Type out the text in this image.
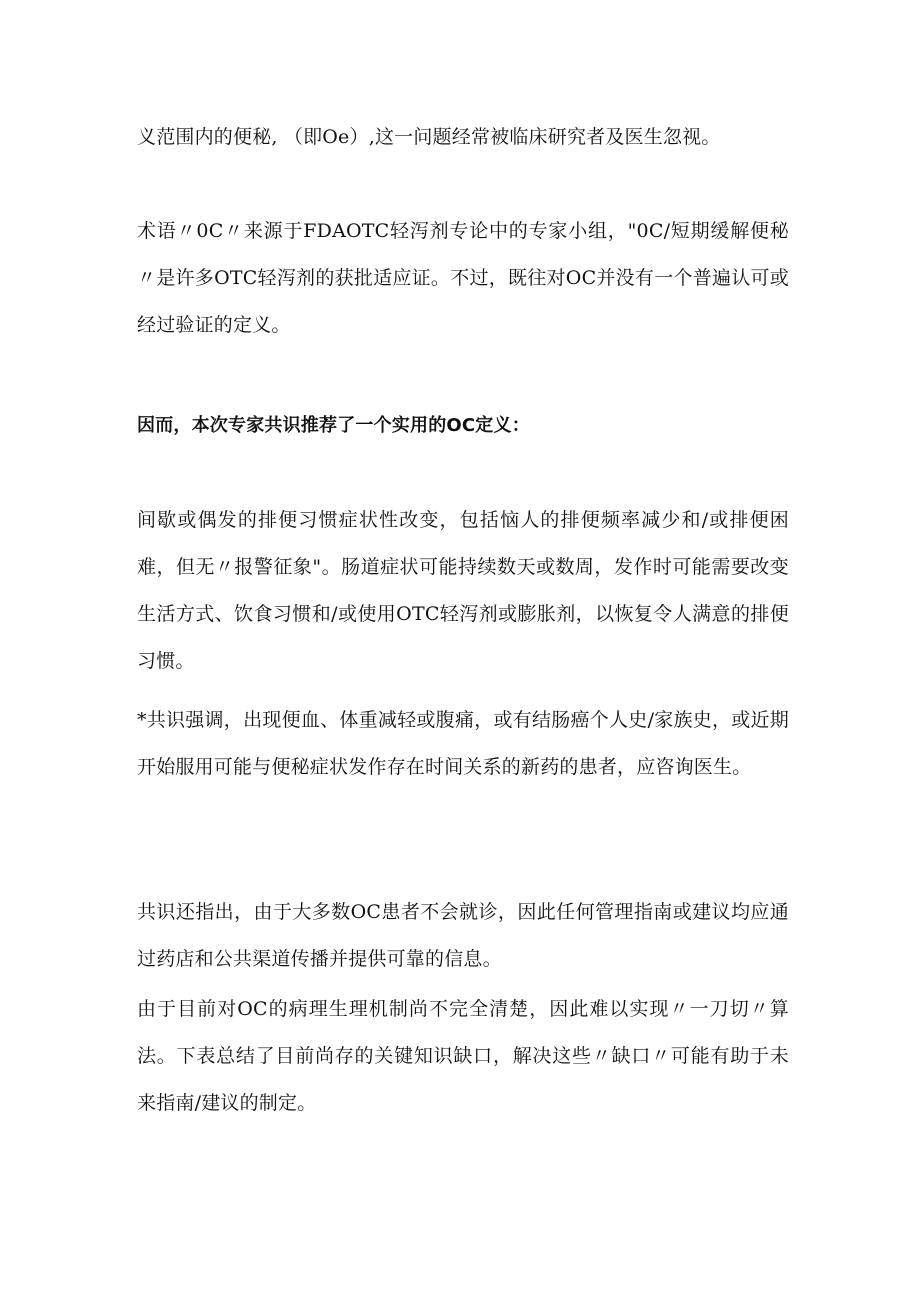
义范围内的便秘, （即Oe）,这一问题经常被临床研究者及医生忽视。

术语〃0C〃来源于FDAOTC轻泻剂专论中的专家小组，"0C/短期缓解便秘〃是许多OTC轻泻剂的获批适应证。不过，既往对OC并没有一个普遍认可或经过验证的定义。

因而，本次专家共识推荐了一个实用的OC定义：

间歇或偶发的排便习惯症状性改变，包括恼人的排便频率减少和/或排便困难，但无〃报警征象"。肠道症状可能持续数天或数周，发作时可能需要改变生活方式、饮食习惯和/或使用OTC轻泻剂或膨胀剂，以恢复令人满意的排便习惯。

*共识强调，出现便血、体重减轻或腹痛，或有结肠癌个人史/家族史，或近期开始服用可能与便秘症状发作存在时间关系的新药的患者，应咨询医生。

共识还指出，由于大多数OC患者不会就诊，因此任何管理指南或建议均应通过药店和公共渠道传播并提供可靠的信息。

由于目前对OC的病理生理机制尚不完全清楚，因此难以实现〃一刀切〃算法。下表总结了目前尚存的关键知识缺口，解决这些〃缺口〃可能有助于未来指南/建议的制定。
